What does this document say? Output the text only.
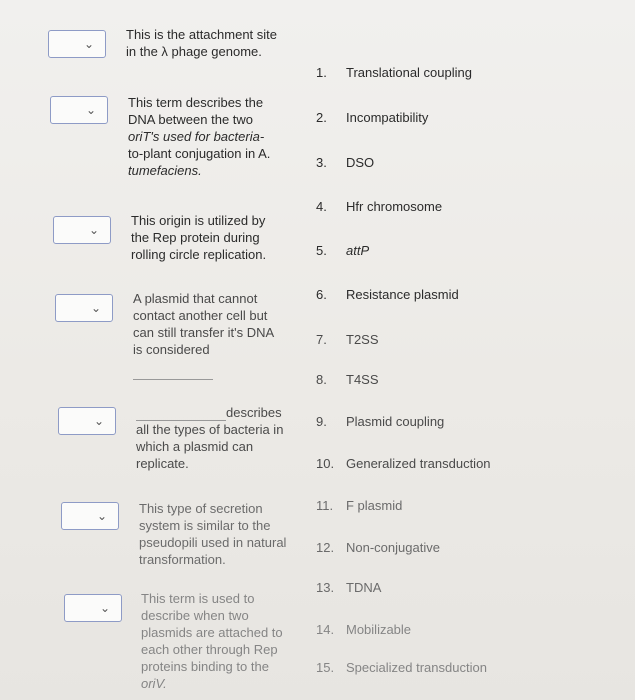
⌄
This is the attachment site
in the λ phage genome.
⌄ This term describes the
DNA between the two
oriT's used for bacteria-
to-plant conjugation in A.
tumefaciens.
⌄
This origin is utilized by
the Rep protein during
rolling circle replication.
⌄
A plasmid that cannot
contact another cell but
can still transfer it's DNA
is considered
⌄
describes
all the types of bacteria in
which a plasmid can
replicate.
⌄ This type of secretion
system is similar to the
pseudopili used in natural
transformation.
⌄
This term is used to
describe when two
plasmids are attached to
each other through Rep
proteins binding to the
oriV.
1. Translational coupling
2. Incompatibility
3. DSO
4. Hfr chromosome
5. attP
6. Resistance plasmid
7. T2SS
8. T4SS
9. Plasmid coupling
10. Generalized transduction
11. F plasmid
12. Non-conjugative
13. TDNA
14. Mobilizable
15. Specialized transduction
